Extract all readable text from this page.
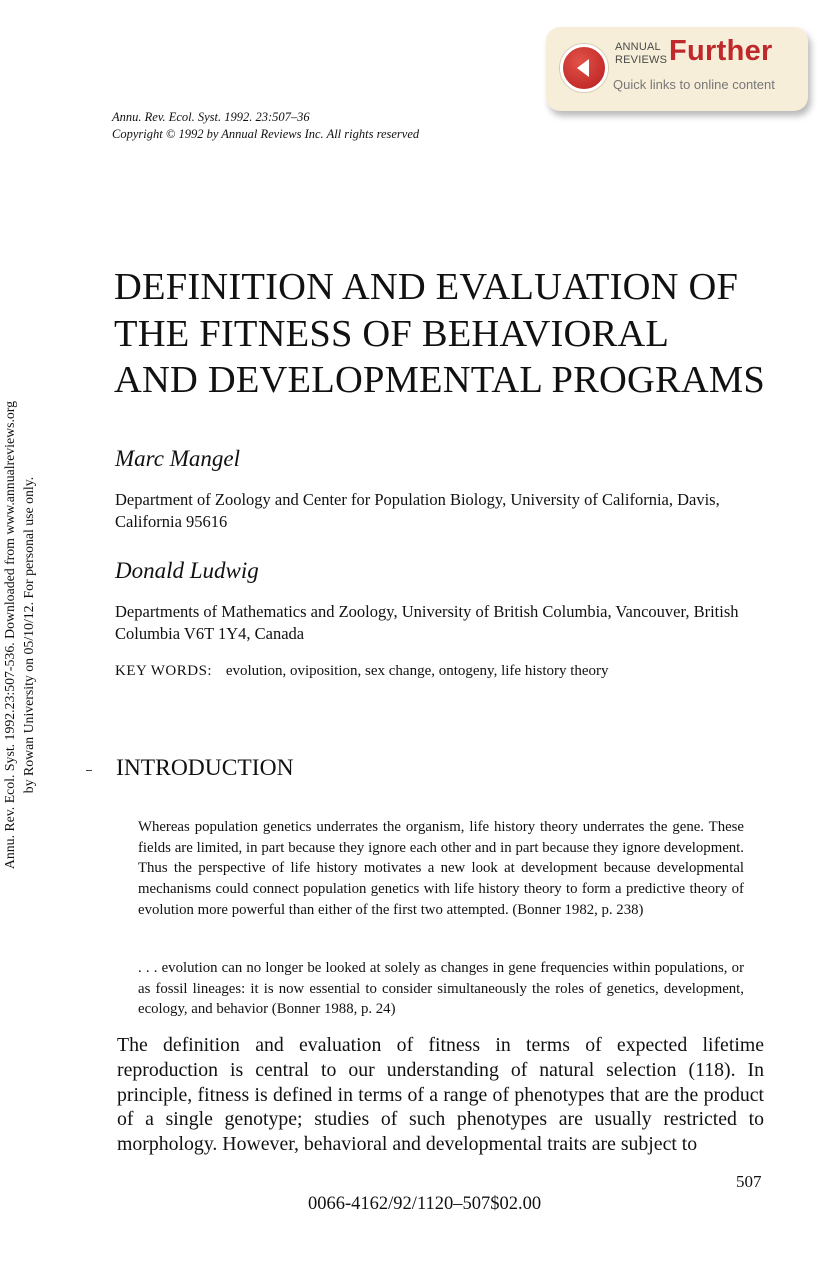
ANNUAL
REVIEWS Further
Quick links to online content
Annu. Rev. Ecol. Syst. 1992. 23:507–36
Copyright © 1992 by Annual Reviews Inc. All rights reserved
Annu. Rev. Ecol. Syst. 1992.23:507-536. Downloaded from www.annualreviews.org by Rowan University on 05/10/12. For personal use only.
DEFINITION AND EVALUATION OF
THE FITNESS OF BEHAVIORAL
AND DEVELOPMENTAL PROGRAMS
Marc Mangel
Department of Zoology and Center for Population Biology, University of California, Davis, California 95616
Donald Ludwig
Departments of Mathematics and Zoology, University of British Columbia, Vancouver, British Columbia V6T 1Y4, Canada
KEY WORDS: evolution, oviposition, sex change, ontogeny, life history theory
INTRODUCTION
Whereas population genetics underrates the organism, life history theory underrates the gene. These fields are limited, in part because they ignore each other and in part because they ignore development. Thus the perspective of life history motivates a new look at development because developmental mechanisms could connect population genetics with life history theory to form a predictive theory of evolution more powerful than either of the first two attempted. (Bonner 1982, p. 238)
. . . evolution can no longer be looked at solely as changes in gene frequencies within populations, or as fossil lineages: it is now essential to consider simultaneously the roles of genetics, development, ecology, and behavior (Bonner 1988, p. 24)
The definition and evaluation of fitness in terms of expected lifetime reproduction is central to our understanding of natural selection (118). In principle, fitness is defined in terms of a range of phenotypes that are the product of a single genotype; studies of such phenotypes are usually restricted to morphology. However, behavioral and developmental traits are subject to
507
0066-4162/92/1120–507$02.00
